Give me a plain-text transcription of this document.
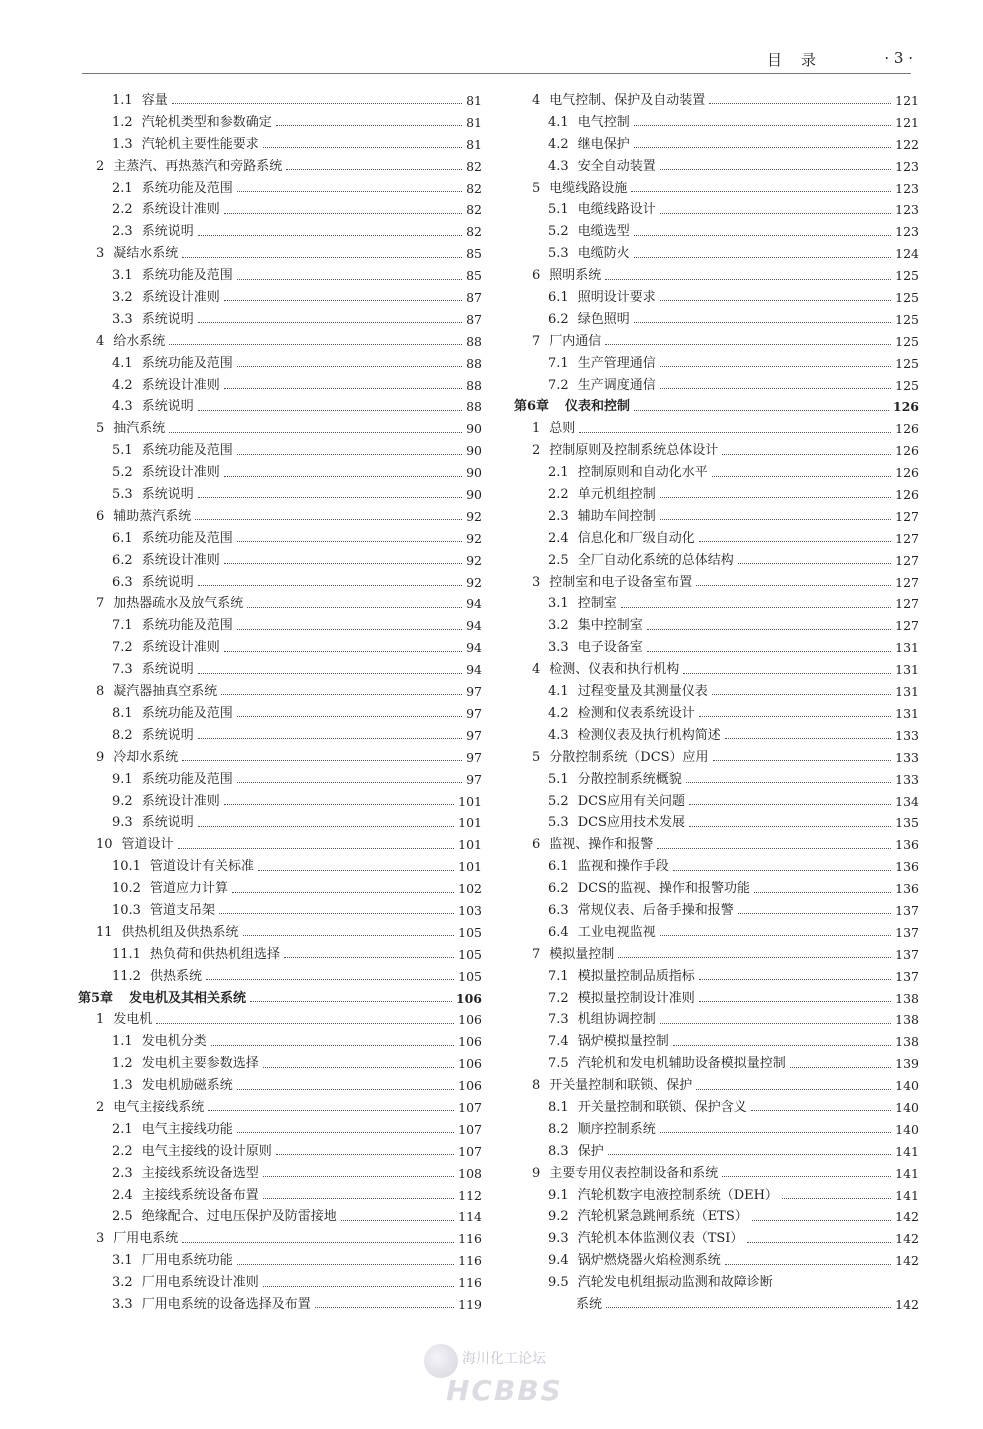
目　录	· 3 ·
1.1 容量	81
1.2 汽轮机类型和参数确定	81
1.3 汽轮机主要性能要求	81
2 主蒸汽、再热蒸汽和旁路系统	82
2.1 系统功能及范围	82
2.2 系统设计准则	82
2.3 系统说明	82
3 凝结水系统	85
3.1 系统功能及范围	85
3.2 系统设计准则	87
3.3 系统说明	87
4 给水系统	88
4.1 系统功能及范围	88
4.2 系统设计准则	88
4.3 系统说明	88
5 抽汽系统	90
5.1 系统功能及范围	90
5.2 系统设计准则	90
5.3 系统说明	90
6 辅助蒸汽系统	92
6.1 系统功能及范围	92
6.2 系统设计准则	92
6.3 系统说明	92
7 加热器疏水及放气系统	94
7.1 系统功能及范围	94
7.2 系统设计准则	94
7.3 系统说明	94
8 凝汽器抽真空系统	97
8.1 系统功能及范围	97
8.2 系统说明	97
9 冷却水系统	97
9.1 系统功能及范围	97
9.2 系统设计准则	101
9.3 系统说明	101
10 管道设计	101
10.1 管道设计有关标准	101
10.2 管道应力计算	102
10.3 管道支吊架	103
11 供热机组及供热系统	105
11.1 热负荷和供热机组选择	105
11.2 供热系统	105
第5章 发电机及其相关系统	106
1 发电机	106
1.1 发电机分类	106
1.2 发电机主要参数选择	106
1.3 发电机励磁系统	106
2 电气主接线系统	107
2.1 电气主接线功能	107
2.2 电气主接线的设计原则	107
2.3 主接线系统设备选型	108
2.4 主接线系统设备布置	112
2.5 绝缘配合、过电压保护及防雷接地	114
3 厂用电系统	116
3.1 厂用电系统功能	116
3.2 厂用电系统设计准则	116
3.3 厂用电系统的设备选择及布置	119
4 电气控制、保护及自动装置	121
4.1 电气控制	121
4.2 继电保护	122
4.3 安全自动装置	123
5 电缆线路设施	123
5.1 电缆线路设计	123
5.2 电缆选型	123
5.3 电缆防火	124
6 照明系统	125
6.1 照明设计要求	125
6.2 绿色照明	125
7 厂内通信	125
7.1 生产管理通信	125
7.2 生产调度通信	125
第6章 仪表和控制	126
1 总则	126
2 控制原则及控制系统总体设计	126
2.1 控制原则和自动化水平	126
2.2 单元机组控制	126
2.3 辅助车间控制	127
2.4 信息化和厂级自动化	127
2.5 全厂自动化系统的总体结构	127
3 控制室和电子设备室布置	127
3.1 控制室	127
3.2 集中控制室	127
3.3 电子设备室	131
4 检测、仪表和执行机构	131
4.1 过程变量及其测量仪表	131
4.2 检测和仪表系统设计	131
4.3 检测仪表及执行机构简述	133
5 分散控制系统（DCS）应用	133
5.1 分散控制系统概貌	133
5.2 DCS应用有关问题	134
5.3 DCS应用技术发展	135
6 监视、操作和报警	136
6.1 监视和操作手段	136
6.2 DCS的监视、操作和报警功能	136
6.3 常规仪表、后备手操和报警	137
6.4 工业电视监视	137
7 模拟量控制	137
7.1 模拟量控制品质指标	137
7.2 模拟量控制设计准则	138
7.3 机组协调控制	138
7.4 锅炉模拟量控制	138
7.5 汽轮机和发电机辅助设备模拟量控制	139
8 开关量控制和联锁、保护	140
8.1 开关量控制和联锁、保护含义	140
8.2 顺序控制系统	140
8.3 保护	141
9 主要专用仪表控制设备和系统	141
9.1 汽轮机数字电液控制系统（DEH）	141
9.2 汽轮机紧急跳闸系统（ETS）	142
9.3 汽轮机本体监测仪表（TSI）	142
9.4 锅炉燃烧器火焰检测系统	142
9.5 汽轮发电机组振动监测和故障诊断
系统	142
海川化工论坛
HCBBS
